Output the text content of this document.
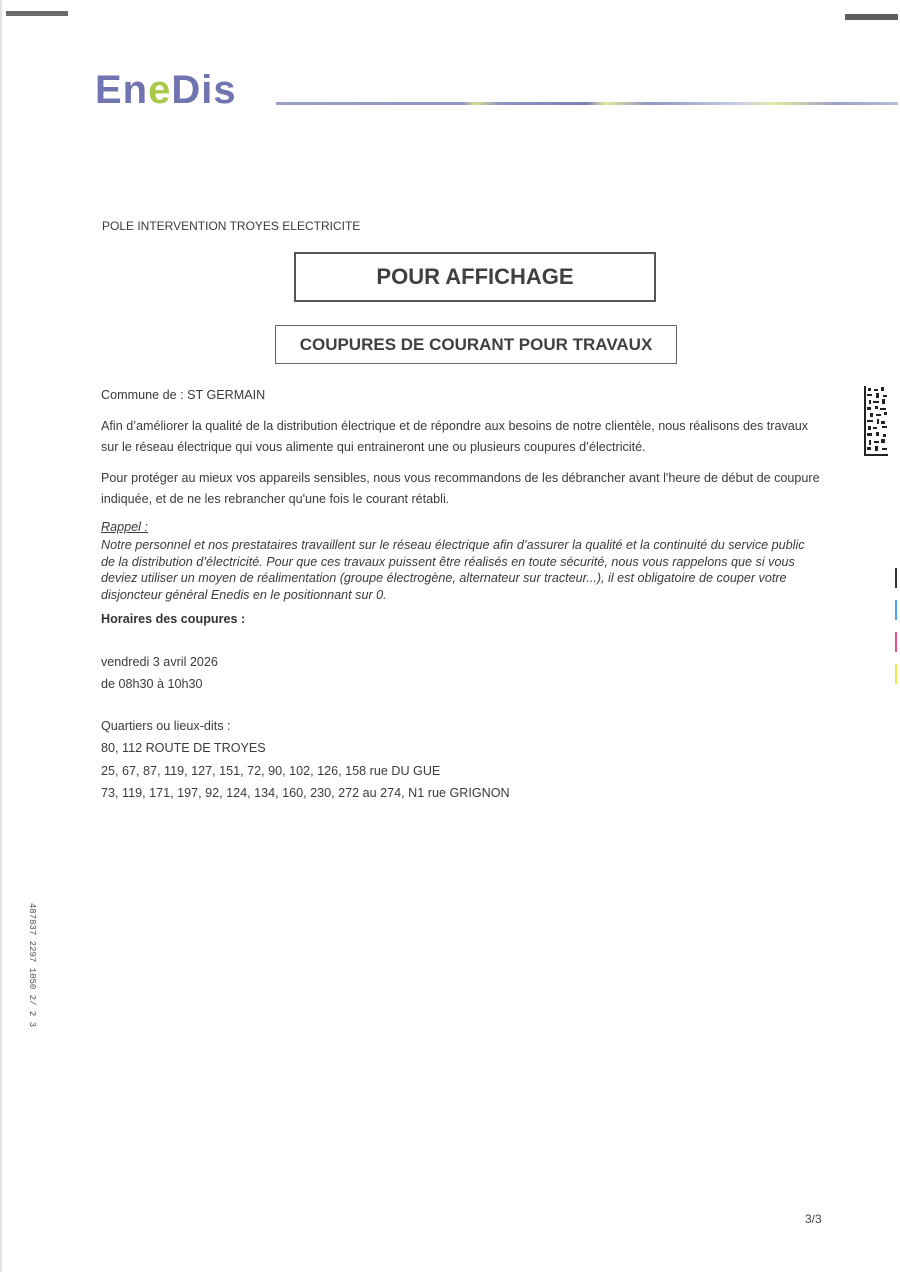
EneDis
POLE INTERVENTION TROYES ELECTRICITE
POUR AFFICHAGE
COUPURES DE COURANT POUR TRAVAUX
Commune de : ST GERMAIN
Afin d’améliorer la qualité de la distribution électrique et de répondre aux besoins de notre clientèle, nous réalisons des travaux sur le réseau électrique qui vous alimente qui entraineront une ou plusieurs coupures d’électricité.
Pour protéger au mieux vos appareils sensibles, nous vous recommandons de les débrancher avant l'heure de début de coupure indiquée, et de ne les rebrancher qu'une fois le courant rétabli.
Rappel :
Notre personnel et nos prestataires travaillent sur le réseau électrique afin d’assurer la qualité et la continuité du service public de la distribution d’électricité. Pour que ces travaux puissent être réalisés en toute sécurité, nous vous rappelons que si vous deviez utiliser un moyen de réalimentation (groupe électrogène, alternateur sur tracteur...), il est obligatoire de couper votre disjoncteur général Enedis en le positionnant sur 0.
Horaires des coupures :
vendredi 3 avril 2026
de 08h30 à 10h30
Quartiers ou lieux-dits :
80, 112 ROUTE DE TROYES
25, 67, 87, 119, 127, 151, 72, 90, 102, 126, 158 rue DU GUE
73, 119, 171, 197, 92, 124, 134, 160, 230, 272 au 274, N1 rue GRIGNON
487837 2297 1050 2/ 2 3
3/3
